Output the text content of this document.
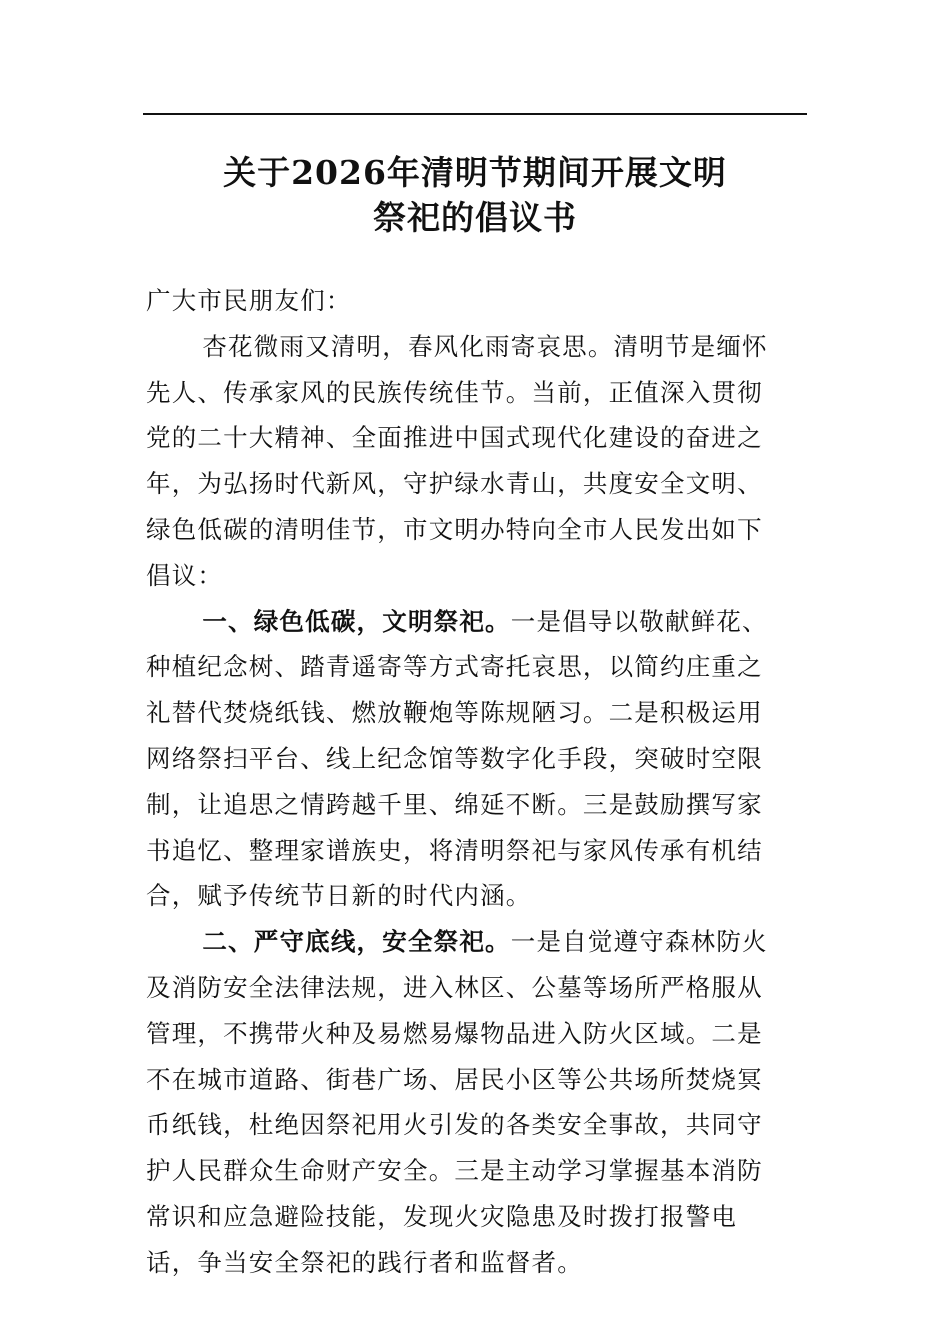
关于2026年清明节期间开展文明
祭祀的倡议书

广大市民朋友们：

杏花微雨又清明，春风化雨寄哀思。清明节是缅怀先人、传承家风的民族传统佳节。当前，正值深入贯彻党的二十大精神、全面推进中国式现代化建设的奋进之年，为弘扬时代新风，守护绿水青山，共度安全文明、绿色低碳的清明佳节，市文明办特向全市人民发出如下倡议：

一、绿色低碳，文明祭祀。一是倡导以敬献鲜花、种植纪念树、踏青遥寄等方式寄托哀思，以简约庄重之礼替代焚烧纸钱、燃放鞭炮等陈规陋习。二是积极运用网络祭扫平台、线上纪念馆等数字化手段，突破时空限制，让追思之情跨越千里、绵延不断。三是鼓励撰写家书追忆、整理家谱族史，将清明祭祀与家风传承有机结合，赋予传统节日新的时代内涵。

二、严守底线，安全祭祀。一是自觉遵守森林防火及消防安全法律法规，进入林区、公墓等场所严格服从管理，不携带火种及易燃易爆物品进入防火区域。二是不在城市道路、街巷广场、居民小区等公共场所焚烧冥币纸钱，杜绝因祭祀用火引发的各类安全事故，共同守护人民群众生命财产安全。三是主动学习掌握基本消防常识和应急避险技能，发现火灾隐患及时拨打报警电话，争当安全祭祀的践行者和监督者。
